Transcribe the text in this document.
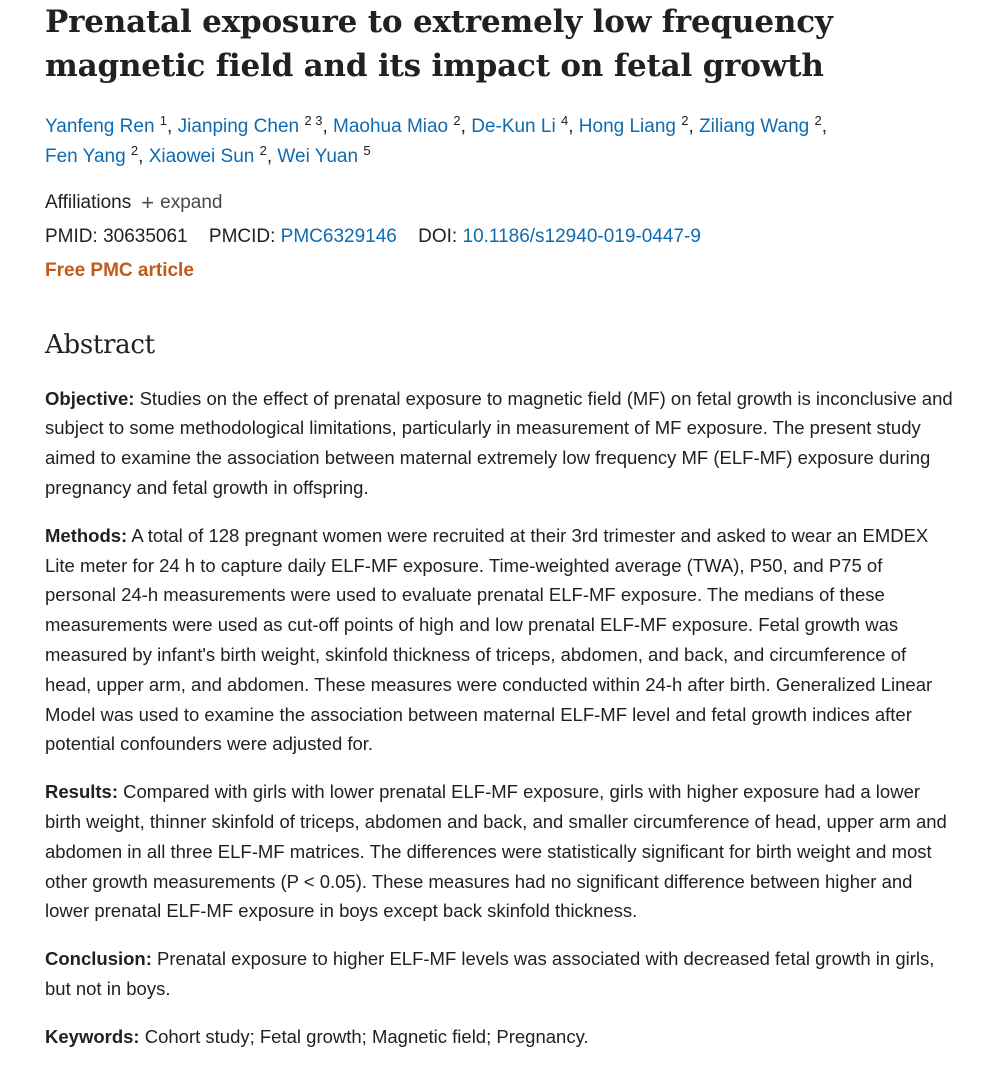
Prenatal exposure to extremely low frequency
magnetic field and its impact on fetal growth
Yanfeng Ren $^1$, Jianping Chen $^{2 3}$, Maohua Miao $^2$, De-Kun Li $^4$, Hong Liang $^2$, Ziliang Wang $^2$,
Fen Yang $^2$, Xiaowei Sun $^2$, Wei Yuan $^5$
Affiliations + expand
PMID: 30635061 PMCID: PMC6329146 DOI: 10.1186/s12940-019-0447-9
Free PMC article
Abstract
Objective: Studies on the effect of prenatal exposure to magnetic field (MF) on fetal growth is inconclusive and subject to some methodological limitations, particularly in measurement of MF exposure. The present study aimed to examine the association between maternal extremely low frequency MF (ELF-MF) exposure during pregnancy and fetal growth in offspring.
Methods: A total of 128 pregnant women were recruited at their 3rd trimester and asked to wear an EMDEX Lite meter for 24 h to capture daily ELF-MF exposure. Time-weighted average (TWA), P50, and P75 of personal 24-h measurements were used to evaluate prenatal ELF-MF exposure. The medians of these measurements were used as cut-off points of high and low prenatal ELF-MF exposure. Fetal growth was measured by infant's birth weight, skinfold thickness of triceps, abdomen, and back, and circumference of head, upper arm, and abdomen. These measures were conducted within 24-h after birth. Generalized Linear Model was used to examine the association between maternal ELF-MF level and fetal growth indices after potential confounders were adjusted for.
Results: Compared with girls with lower prenatal ELF-MF exposure, girls with higher exposure had a lower birth weight, thinner skinfold of triceps, abdomen and back, and smaller circumference of head, upper arm and abdomen in all three ELF-MF matrices. The differences were statistically significant for birth weight and most other growth measurements (P < 0.05). These measures had no significant difference between higher and lower prenatal ELF-MF exposure in boys except back skinfold thickness.
Conclusion: Prenatal exposure to higher ELF-MF levels was associated with decreased fetal growth in girls, but not in boys.
Keywords: Cohort study; Fetal growth; Magnetic field; Pregnancy.
